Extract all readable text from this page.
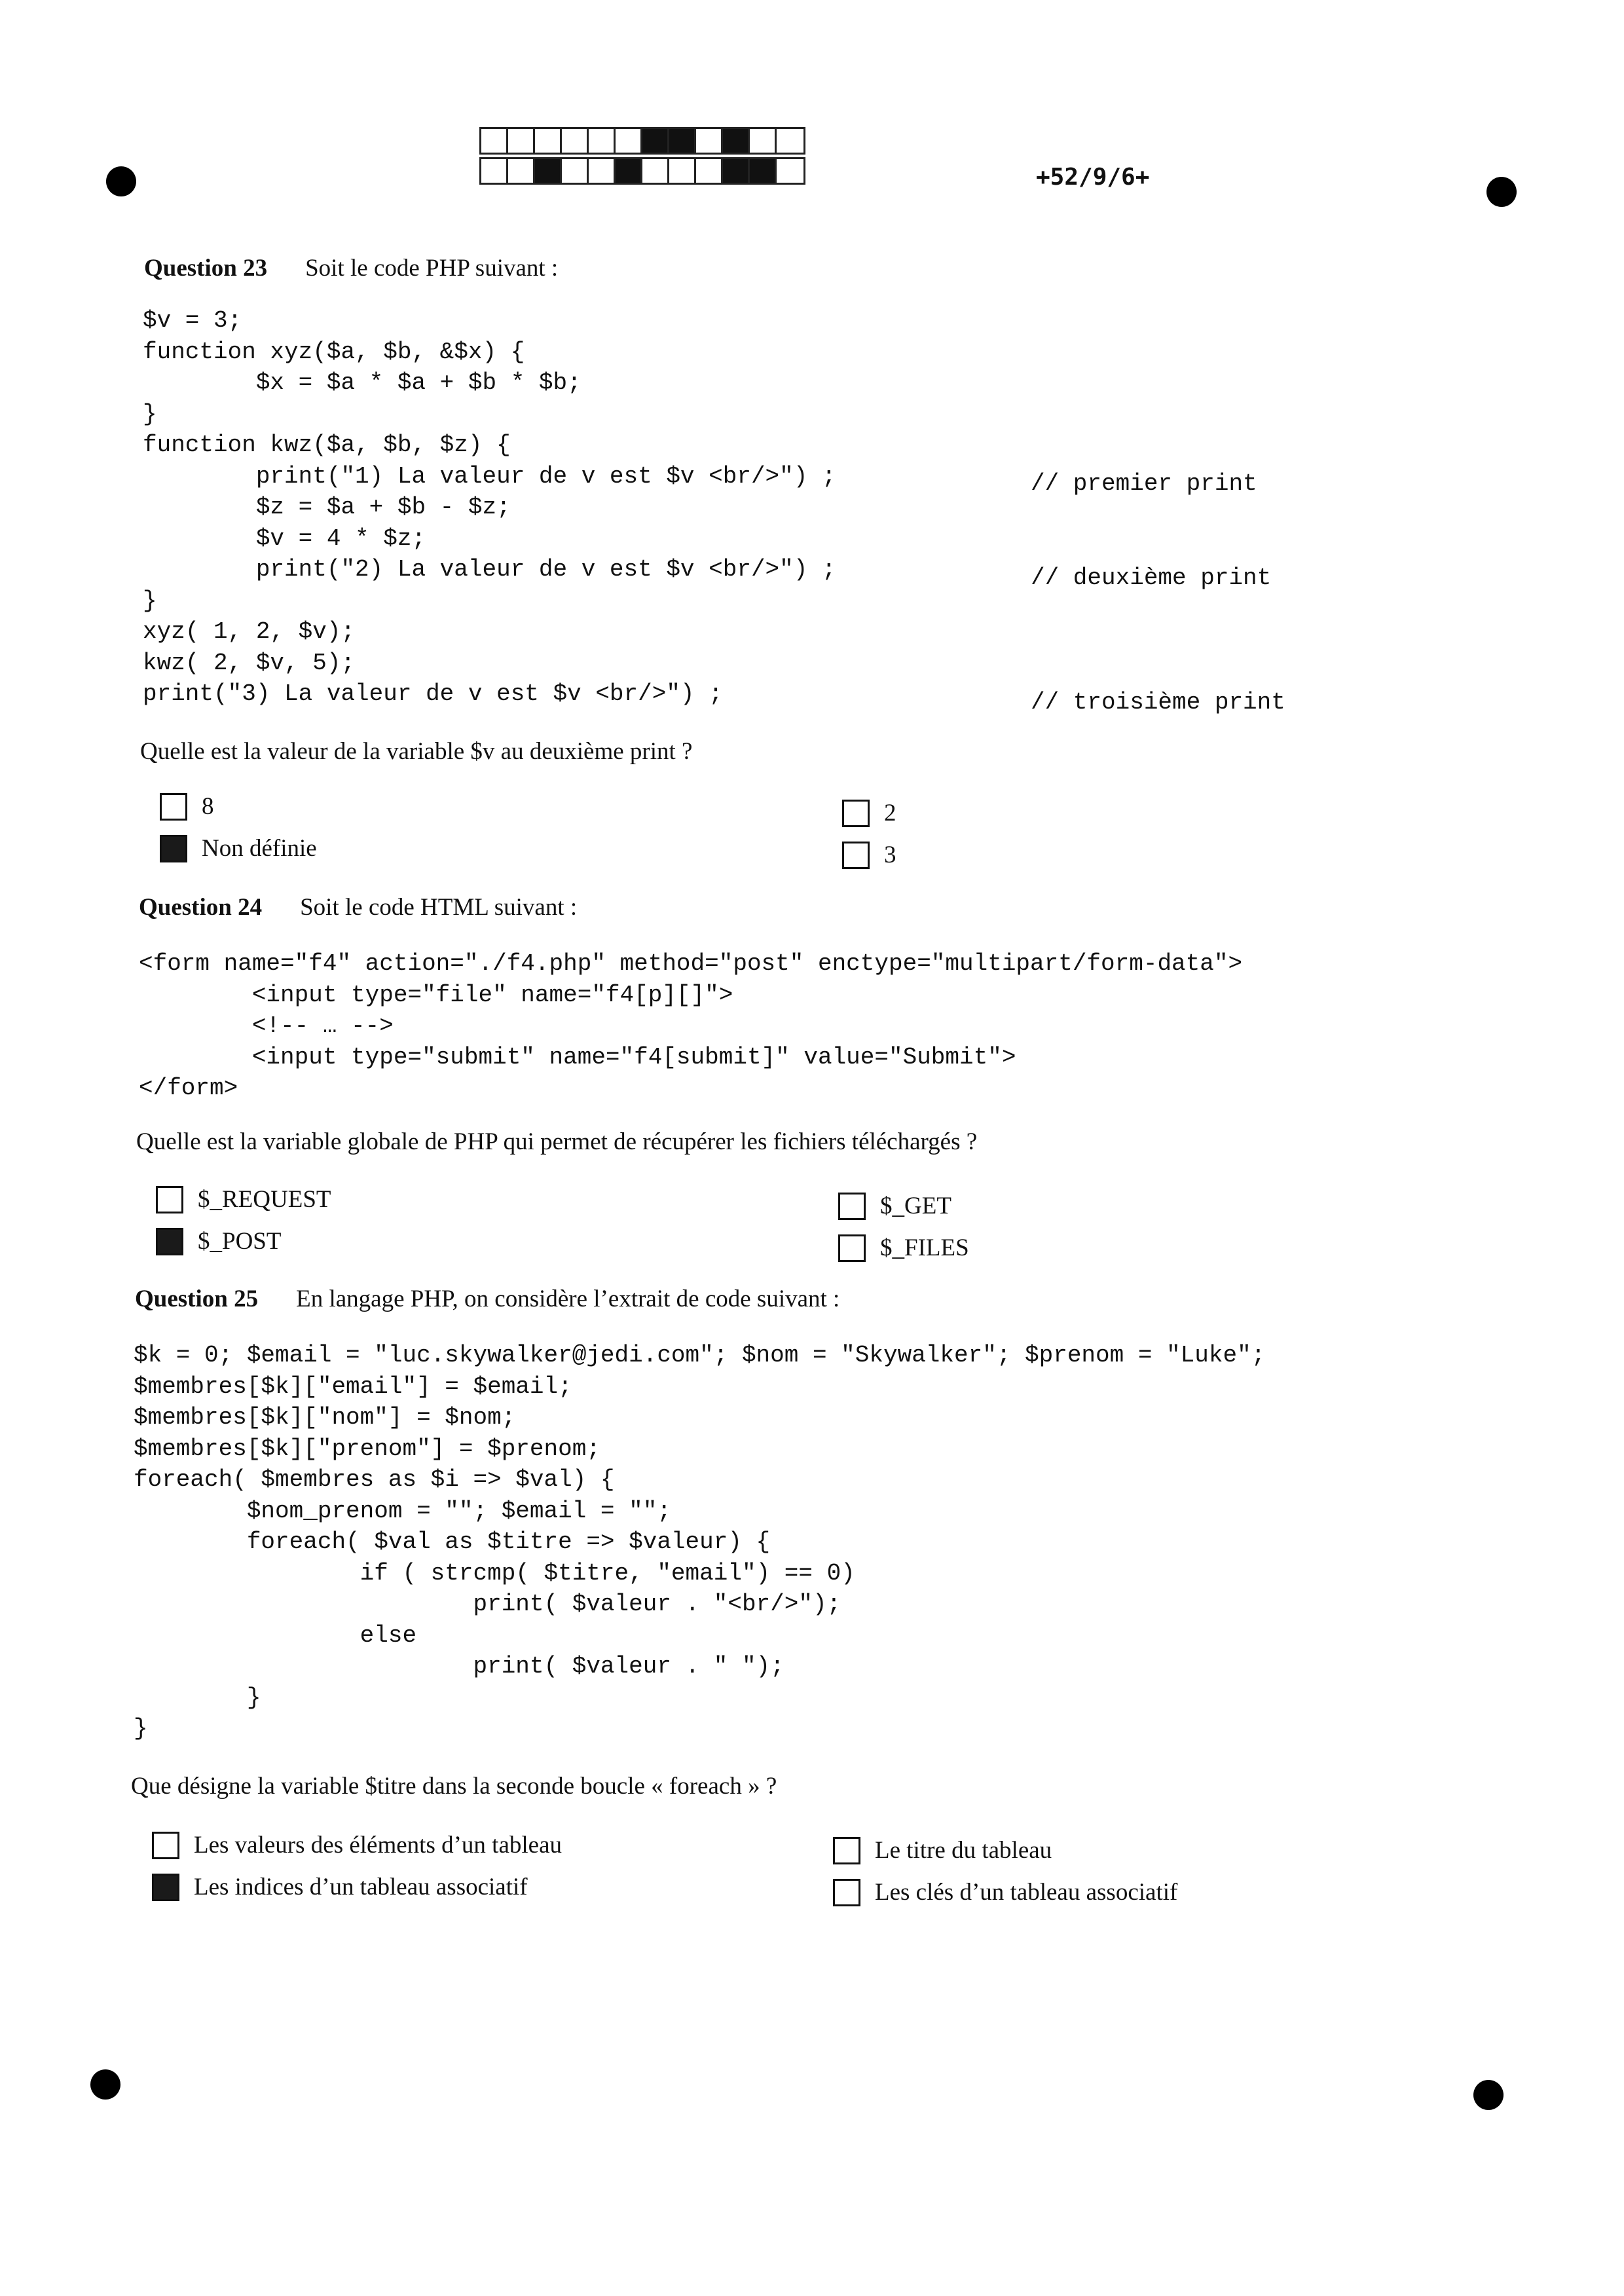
+52/9/6+
Question 23 Soit le code PHP suivant :
$v = 3;
function xyz($a, $b, &$x) {
$x = $a * $a + $b * $b;
}
function kwz($a, $b, $z) {
print("1) La valeur de v est $v <br/>") ;
$z = $a + $b - $z;
$v = 4 * $z;
print("2) La valeur de v est $v <br/>") ;
}
xyz( 1, 2, $v);
kwz( 2, $v, 5);
print("3) La valeur de v est $v <br/>") ;
// premier print
// deuxième print
// troisième print
Quelle est la valeur de la variable $v au deuxième print ?
8
Non définie
2
3
Question 24 Soit le code HTML suivant :
<form name="f4" action="./f4.php" method="post" enctype="multipart/form-data">
<input type="file" name="f4[p][]">
<!-- … -->
<input type="submit" name="f4[submit]" value="Submit">
</form>
Quelle est la variable globale de PHP qui permet de récupérer les fichiers téléchargés ?
$_REQUEST
$_POST
$_GET
$_FILES
Question 25 En langage PHP, on considère l’extrait de code suivant :
$k = 0; $email = "luc.skywalker@jedi.com"; $nom = "Skywalker"; $prenom = "Luke";
$membres[$k]["email"] = $email;
$membres[$k]["nom"] = $nom;
$membres[$k]["prenom"] = $prenom;
foreach( $membres as $i => $val) {
$nom_prenom = ""; $email = "";
foreach( $val as $titre => $valeur) {
if ( strcmp( $titre, "email") == 0)
print( $valeur . "<br/>");
else
print( $valeur . " ");
}
}
Que désigne la variable $titre dans la seconde boucle « foreach » ?
Les valeurs des éléments d’un tableau
Les indices d’un tableau associatif
Le titre du tableau
Les clés d’un tableau associatif
